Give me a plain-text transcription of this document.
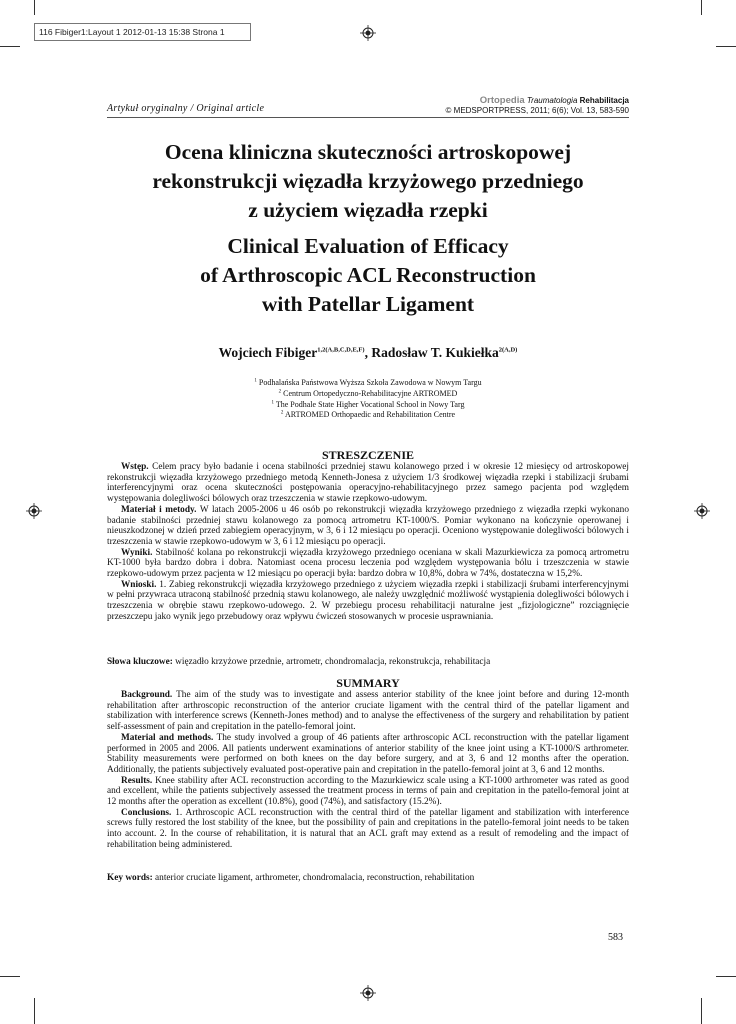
116 Fibiger1:Layout 1 2012-01-13 15:38 Strona 1
Artykuł oryginalny / Original article
Ortopedia Traumatologia Rehabilitacja
© MEDSPORTPRESS, 2011; 6(6); Vol. 13, 583-590
Ocena kliniczna skuteczności artroskopowej
rekonstrukcji więzadła krzyżowego przedniego
z użyciem więzadła rzepki
Clinical Evaluation of Efficacy
of Arthroscopic ACL Reconstruction
with Patellar Ligament
Wojciech Fibiger$^{1,2(A,B,C,D,E,F)}$, Radosław T. Kukiełka$^{2(A,D)}$
$^1$ Podhalańska Państwowa Wyższa Szkoła Zawodowa w Nowym Targu
$^2$ Centrum Ortopedyczno-Rehabilitacyjne ARTROMED
$^1$ The Podhale State Higher Vocational School in Nowy Targ
$^2$ ARTROMED Orthopaedic and Rehabilitation Centre
STRESZCZENIE

Wstęp. Celem pracy było badanie i ocena stabilności przedniej stawu kolanowego przed i w okresie 12 miesięcy od artroskopowej rekonstrukcji więzadła krzyżowego przedniego metodą Kenneth-Jonesa z użyciem 1/3 środkowej więzadła rzepki i stabilizacji śrubami interferencyjnymi oraz ocena skuteczności postępowania operacyjno-rehabilitacyjnego przez samego pacjenta pod względem występowania dolegliwości bólowych oraz trzeszczenia w stawie rzepkowo-udowym.

Materiał i metody. W latach 2005-2006 u 46 osób po rekonstrukcji więzadła krzyżowego przedniego z więzadła rzepki wykonano badanie stabilności przedniej stawu kolanowego za pomocą artrometru KT-1000/S. Pomiar wykonano na kończynie operowanej i nieuszkodzonej w dzień przed zabiegiem operacyjnym, w 3, 6 i 12 miesiącu po operacji. Oceniono występowanie dolegliwości bólowych i trzeszczenia w stawie rzepkowo-udowym w 3, 6 i 12 miesiącu po operacji.

Wyniki. Stabilność kolana po rekonstrukcji więzadła krzyżowego przedniego oceniana w skali Mazurkiewicza za pomocą artrometru KT-1000 była bardzo dobra i dobra. Natomiast ocena procesu leczenia pod względem występowania bólu i trzeszczenia w stawie rzepkowo-udowym przez pacjenta w 12 miesiącu po operacji była: bardzo dobra w 10,8%, dobra w 74%, dostateczna w 15,2%.

Wnioski. 1. Zabieg rekonstrukcji więzadła krzyżowego przedniego z użyciem więzadła rzepki i stabilizacji śrubami interferencyjnymi w pełni przywraca utraconą stabilność przednią stawu kolanowego, ale należy uwzględnić możliwość wystąpienia dolegliwości bólowych i trzeszczenia w obrębie stawu rzepkowo-udowego. 2. W przebiegu procesu rehabilitacji naturalne jest „fizjologiczne” rozciągnięcie przeszczepu jako wynik jego przebudowy oraz wpływu ćwiczeń stosowanych w procesie usprawniania.

Słowa kluczowe: więzadło krzyżowe przednie, artrometr, chondromalacja, rekonstrukcja, rehabilitacja
SUMMARY

Background. The aim of the study was to investigate and assess anterior stability of the knee joint before and during 12-month rehabilitation after arthroscopic reconstruction of the anterior cruciate ligament with the central third of the patellar ligament and stabilization with interference screws (Kenneth-Jones method) and to analyse the effectiveness of the surgery and rehabilitation by patient self-assessment of pain and crepitation in the patello-femoral joint.

Material and methods. The study involved a group of 46 patients after arthroscopic ACL reconstruction with the patellar ligament performed in 2005 and 2006. All patients underwent examinations of anterior stability of the knee joint using a KT-1000/S arthrometer. Stability measurements were performed on both knees on the day before surgery, and at 3, 6 and 12 months after the operation. Additionally, the patients subjectively evaluated post-operative pain and crepitation in the patello-femoral joint at 3, 6 and 12 months.

Results. Knee stability after ACL reconstruction according to the Mazurkiewicz scale using a KT-1000 arthrometer was rated as good and excellent, while the patients subjectively assessed the treatment process in terms of pain and crepitation in the patello-femoral joint at 12 months after the operation as excellent (10.8%), good (74%), and satisfactory (15.2%).

Conclusions. 1. Arthroscopic ACL reconstruction with the central third of the patellar ligament and stabilization with interference screws fully restored the lost stability of the knee, but the possibility of pain and crepitations in the patello-femoral joint needs to be taken into account. 2. In the course of rehabilitation, it is natural that an ACL graft may extend as a result of remodeling and the impact of rehabilitation being administered.

Key words: anterior cruciate ligament, arthrometer, chondromalacia, reconstruction, rehabilitation
583
